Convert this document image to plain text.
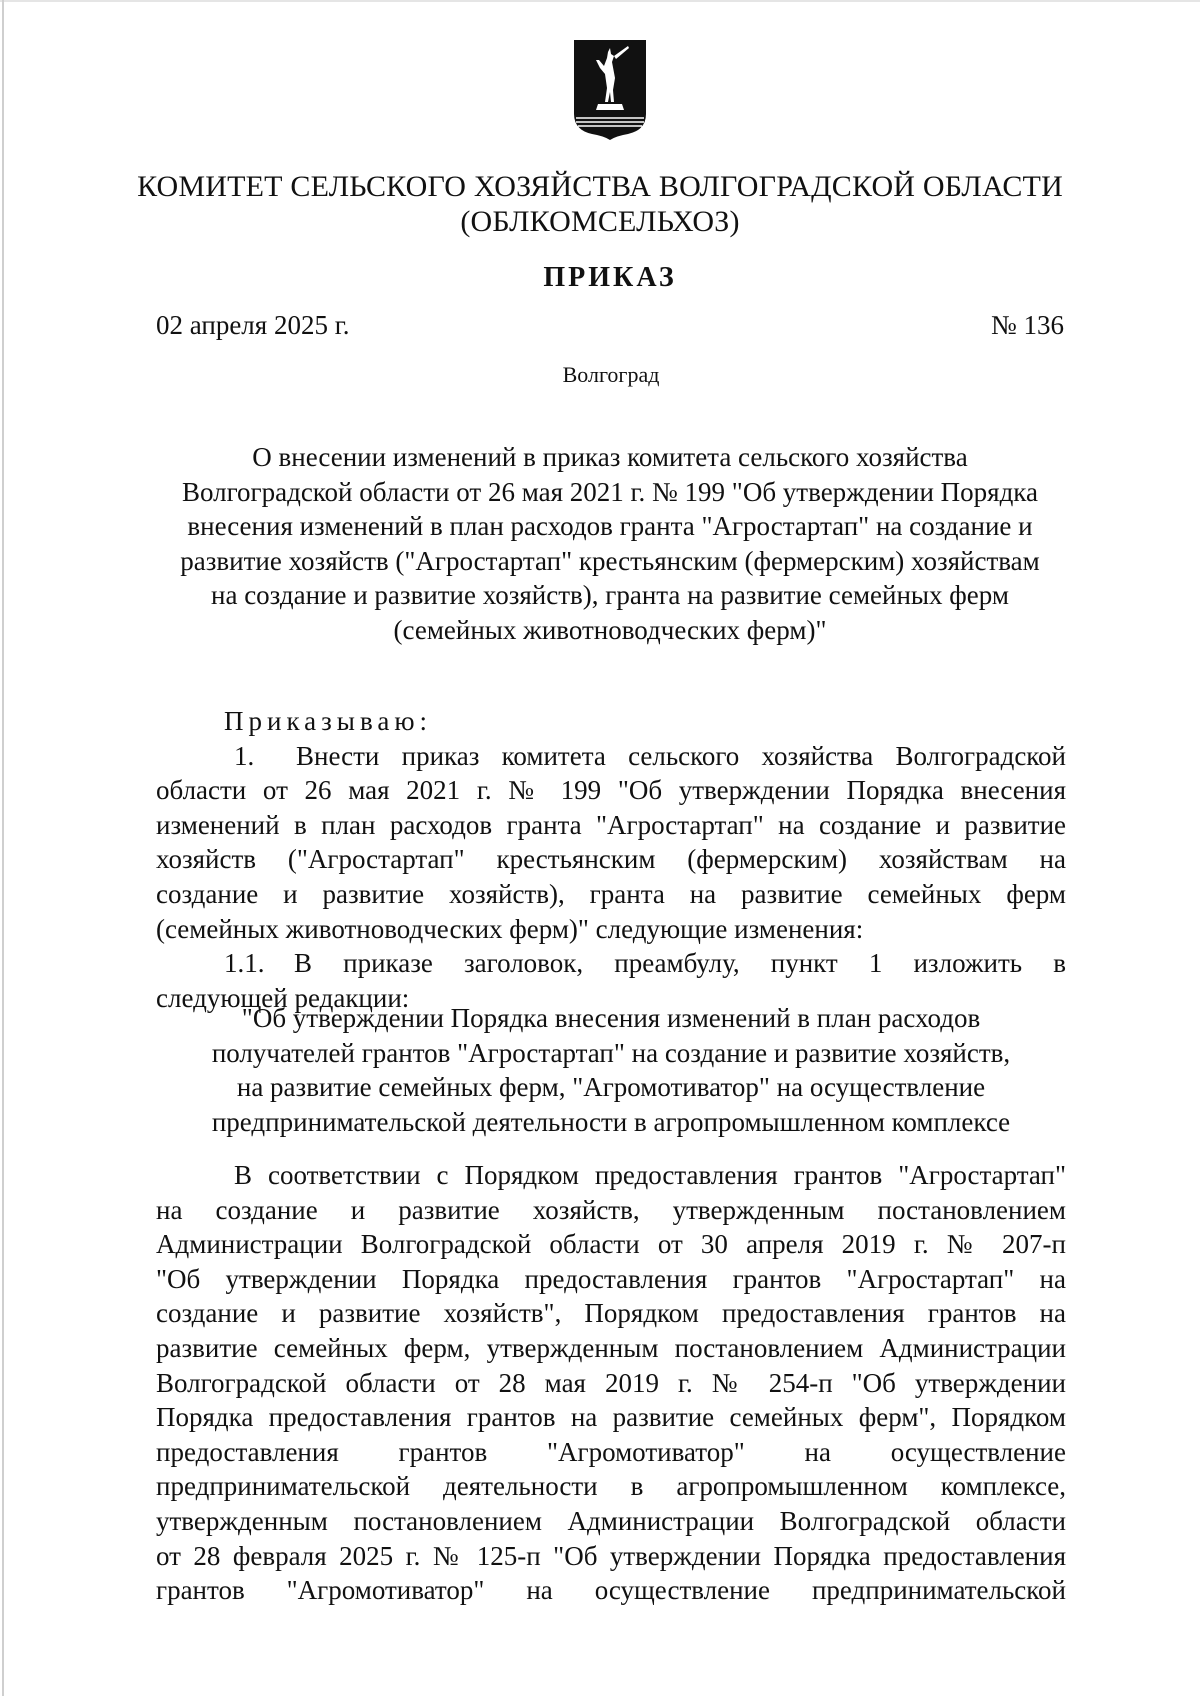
КОМИТЕТ СЕЛЬСКОГО ХОЗЯЙСТВА ВОЛГОГРАДСКОЙ ОБЛАСТИ
(ОБЛКОМСЕЛЬХОЗ)
ПРИКАЗ
02 апреля 2025 г.	№ 136
Волгоград
О внесении изменений в приказ комитета сельского хозяйства
Волгоградской области от 26 мая 2021 г. № 199 "Об утверждении Порядка
внесения изменений в план расходов гранта "Агростартап" на создание и
развитие хозяйств ("Агростартап" крестьянским (фермерским) хозяйствам
на создание и развитие хозяйств), гранта на развитие семейных ферм
(семейных животноводческих ферм)"
Приказываю:
1. Внести приказ комитета сельского хозяйства Волгоградской
области от 26 мая 2021 г. № 199 "Об утверждении Порядка внесения
изменений в план расходов гранта "Агростартап" на создание и развитие
хозяйств ("Агростартап" крестьянским (фермерским) хозяйствам на
создание и развитие хозяйств), гранта на развитие семейных ферм
(семейных животноводческих ферм)" следующие изменения:
1.1. В приказе заголовок, преамбулу, пункт 1 изложить в
следующей редакции:
"Об утверждении Порядка внесения изменений в план расходов
получателей грантов "Агростартап" на создание и развитие хозяйств,
на развитие семейных ферм, "Агромотиватор" на осуществление
предпринимательской деятельности в агропромышленном комплексе
В соответствии с Порядком предоставления грантов "Агростартап"
на создание и развитие хозяйств, утвержденным постановлением
Администрации Волгоградской области от 30 апреля 2019 г. № 207-п
"Об утверждении Порядка предоставления грантов "Агростартап" на
создание и развитие хозяйств", Порядком предоставления грантов на
развитие семейных ферм, утвержденным постановлением Администрации
Волгоградской области от 28 мая 2019 г. № 254-п "Об утверждении
Порядка предоставления грантов на развитие семейных ферм", Порядком
предоставления грантов "Агромотиватор" на осуществление
предпринимательской деятельности в агропромышленном комплексе,
утвержденным постановлением Администрации Волгоградской области
от 28 февраля 2025 г. № 125-п "Об утверждении Порядка предоставления
грантов "Агромотиватор" на осуществление предпринимательской
